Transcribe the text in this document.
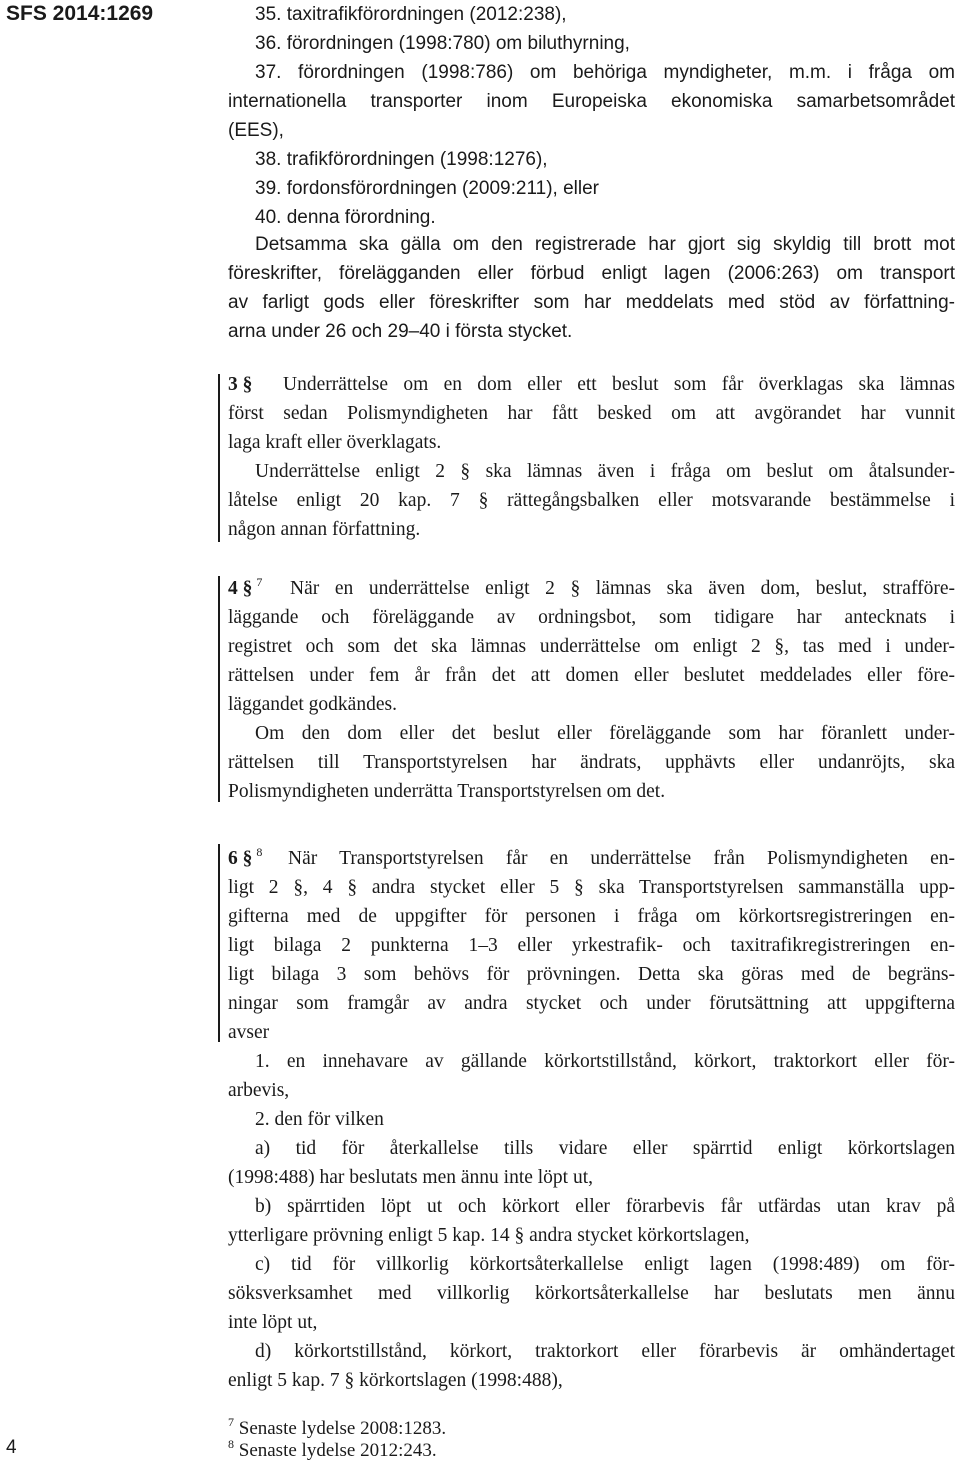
SFS 2014:1269	35. taxitrafikförordningen (2012:238),
36. förordningen (1998:780) om biluthyrning,
37. förordningen (1998:786) om behöriga myndigheter, m.m. i fråga om
internationella transporter inom Europeiska ekonomiska samarbetsområdet
(EES),
38. trafikförordningen (1998:1276),
39. fordonsförordningen (2009:211), eller
40. denna förordning.
Detsamma ska gälla om den registrerade har gjort sig skyldig till brott mot
föreskrifter, förelägganden eller förbud enligt lagen (2006:263) om transport
av farligt gods eller föreskrifter som har meddelats med stöd av författning-
arna under 26 och 29–40 i första stycket.
3 § Underrättelse om en dom eller ett beslut som får överklagas ska lämnas
först sedan Polismyndigheten har fått besked om att avgörandet har vunnit
laga kraft eller överklagats.
Underrättelse enligt 2 § ska lämnas även i fråga om beslut om åtalsunder-
låtelse enligt 20 kap. 7 § rättegångsbalken eller motsvarande bestämmelse i
någon annan författning.
4 § $^7$ När en underrättelse enligt 2 § lämnas ska även dom, beslut, strafföre-
läggande och föreläggande av ordningsbot, som tidigare har antecknats i
registret och som det ska lämnas underrättelse om enligt 2 §, tas med i under-
rättelsen under fem år från det att domen eller beslutet meddelades eller före-
läggandet godkändes.
Om den dom eller det beslut eller föreläggande som har föranlett under-
rättelsen till Transportstyrelsen har ändrats, upphävts eller undanröjts, ska
Polismyndigheten underrätta Transportstyrelsen om det.
6 § $^8$ När Transportstyrelsen får en underrättelse från Polismyndigheten en-
ligt 2 §, 4 § andra stycket eller 5 § ska Transportstyrelsen sammanställa upp-
gifterna med de uppgifter för personen i fråga om körkortsregistreringen en-
ligt bilaga 2 punkterna 1–3 eller yrkestrafik- och taxitrafikregistreringen en-
ligt bilaga 3 som behövs för prövningen. Detta ska göras med de begräns-
ningar som framgår av andra stycket och under förutsättning att uppgifterna
avser
1. en innehavare av gällande körkortstillstånd, körkort, traktorkort eller för-
arbevis,
2. den för vilken
a) tid för återkallelse tills vidare eller spärrtid enligt körkortslagen
(1998:488) har beslutats men ännu inte löpt ut,
b) spärrtiden löpt ut och körkort eller förarbevis får utfärdas utan krav på
ytterligare prövning enligt 5 kap. 14 § andra stycket körkortslagen,
c) tid för villkorlig körkortsåterkallelse enligt lagen (1998:489) om för-
söksverksamhet med villkorlig körkortsåterkallelse har beslutats men ännu
inte löpt ut,
d) körkortstillstånd, körkort, traktorkort eller förarbevis är omhändertaget
enligt 5 kap. 7 § körkortslagen (1998:488),
$^7$ Senaste lydelse 2008:1283.
$^8$ Senaste lydelse 2012:243.
4
